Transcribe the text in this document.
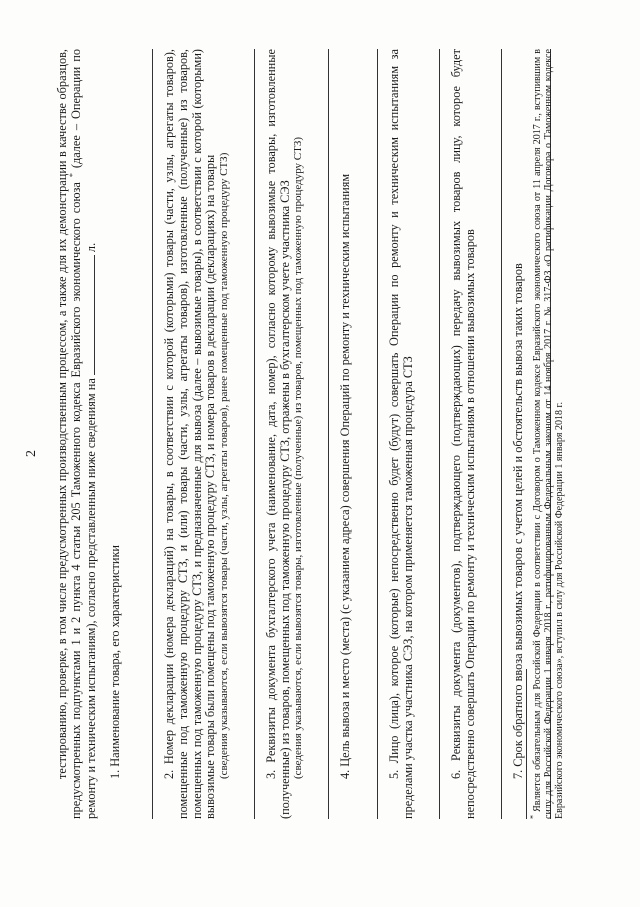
2 тестированию, проверке, в том числе предусмотренных производственным процессом, а также для их демонстрации в качестве образцов, предусмотренных подпунктами 1 и 2 пункта 4 статьи 205 Таможенного кодекса Евразийского экономического союза * (далее – Операции по ремонту и техническим испытаниям), согласно представленным ниже сведениям на  л.

1. Наименование товара, его характеристики	2. Номер декларации (номера деклараций) на товары, в соответствии с которой (которыми) товары (части, узлы, агрегаты товаров), помещенные под таможенную процедуру СТЗ, и (или) товары (части, узлы, агрегаты товаров), изготовленные (полученные) из товаров, помещенных под таможенную процедуру СТЗ, и предназначенные для вывоза (далее – вывозимые товары), в соответствии с которой (которыми) вывозимые товары были помещены под таможенную процедуру СТЗ, и номера товаров в декларации (декларациях) на товары (сведения указываются, если вывозятся товары (части, узлы, агрегаты товаров), ранее помещенные под таможенную процедуру СТЗ)	3. Реквизиты документа бухгалтерского учета (наименование, дата, номер), согласно которому вывозимые товары, изготовленные (полученные) из товаров, помещенных под таможенную процедуру СТЗ, отражены в бухгалтерском учете участника СЭЗ (сведения указываются, если вывозятся товары, изготовленные (полученные) из товаров, помещенных под таможенную процедуру СТЗ)	4. Цель вывоза и место (места) (с указанием адреса) совершения Операций по ремонту и техническим испытаниям	5. Лицо (лица), которое (которые) непосредственно будет (будут) совершать Операции по ремонту и техническим испытаниям за пределами участка участника СЭЗ, на котором применяется таможенная процедура СТЗ	6. Реквизиты документа (документов), подтверждающего (подтверждающих) передачу вывозимых товаров лицу, которое будет непосредственно совершать Операции по ремонту и техническим испытаниям в отношении вывозимых товаров	7. Срок обратного ввоза вывозимых товаров с учетом целей и обстоятельств вывоза таких товаров

* Является обязательным для Российской Федерации в соответствии с Договором о Таможенном кодексе Евразийского экономического союза от 11 апреля 2017 г., вступившим в силу для Российской Федерации 1 января 2018 г., ратифицированным Федеральным законом от 14 ноября 2017 г. № 317-ФЗ «О ратификации Договора о Таможенном кодексе Евразийского экономического союза», вступил в силу для Российской Федерации 1 января 2018 г.
